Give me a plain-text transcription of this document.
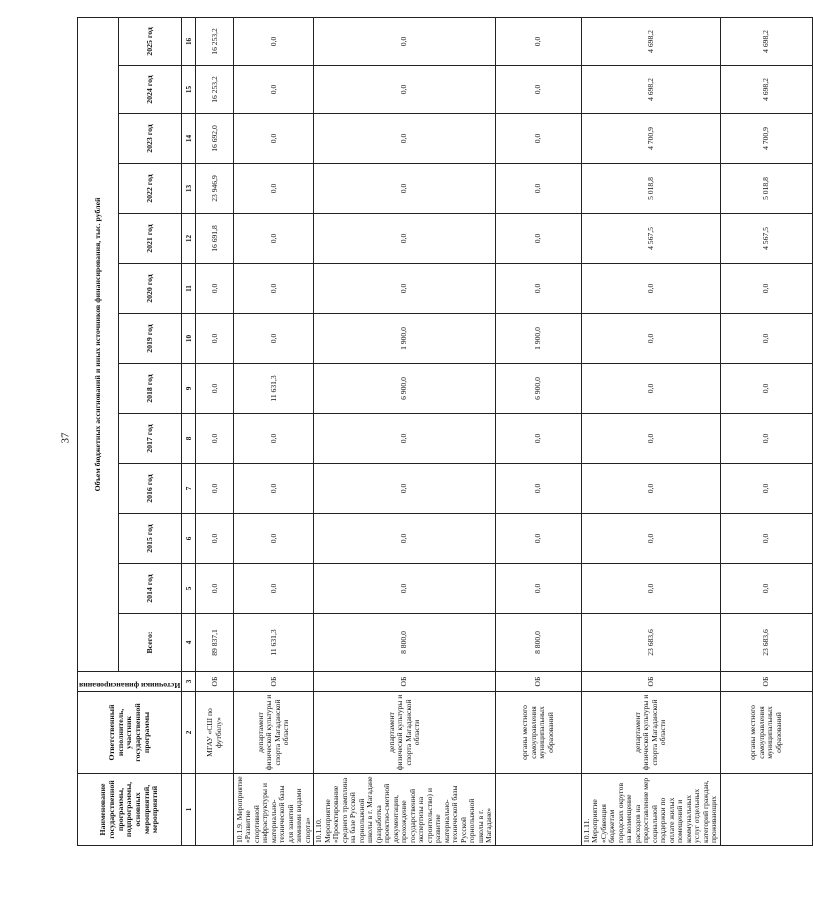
37
Наименование государственной программы, подпрограммы, основных мероприятий, мероприятий	Ответственный исполнитель, участник государственной программы	Источники финансирования	Объем бюджетных ассигнований и иных источников финансирования, тыс. рублей												
			Всего:	2014 год	2015 год	2016 год	2017 год	2018 год	2019 год	2020 год	2021 год	2022 год	2023 год	2024 год	2025 год
1	2	3	4	5	6	7	8	9	10	11	12	13	14	15	16
	МГАУ «СШ по футболу»	ОБ	89 837,1	0,0	0,0	0,0	0,0	0,0	0,0	0,0	16 691,8	23 946,9	16 692,0	16 253,2	16 253,2
10.1.9. Мероприятие «Развитие спортивной инфраструктуры и материально-технической базы для занятий зимними видами спорта»	департамент физической культуры и спорта Магаданской области	ОБ	11 631,3	0,0	0,0	0,0	0,0	11 631,3	0,0	0,0	0,0	0,0	0,0	0,0	0,0
10.1.10. Мероприятие «Проектирование среднего трамплина на базе Русской горнолыжной школы в г. Магадане (разработка проектно-сметной документации, прохождение государственной экспертизы на строительство) и развитие материально-технической базы Русской горнолыжной школы в г. Магадане»	департамент физической культуры и спорта Магаданской области	ОБ	8 800,0	0,0	0,0	0,0	0,0	6 900,0	1 900,0	0,0	0,0	0,0	0,0	0,0	0,0
	органы местного самоуправления муниципальных образований	ОБ	8 800,0	0,0	0,0	0,0	0,0	6 900,0	1 900,0	0,0	0,0	0,0	0,0	0,0	0,0
10.1.11. Мероприятие «Субвенция бюджетам городских округов на возмещение расходов на предоставление мер социальной поддержки по оплате жилых помещений и коммунальных услуг отдельных категорий граждан, проживающих	департамент физической культуры и спорта Магаданской области	ОБ	23 683,6	0,0	0,0	0,0	0,0	0,0	0,0	0,0	4 567,5	5 018,8	4 700,9	4 698,2	4 698,2
	органы местного самоуправления муниципальных образований	ОБ	23 683,6	0,0	0,0	0,0	0,0	0,0	0,0	0,0	4 567,5	5 018,8	4 700,9	4 698,2	4 698,2
